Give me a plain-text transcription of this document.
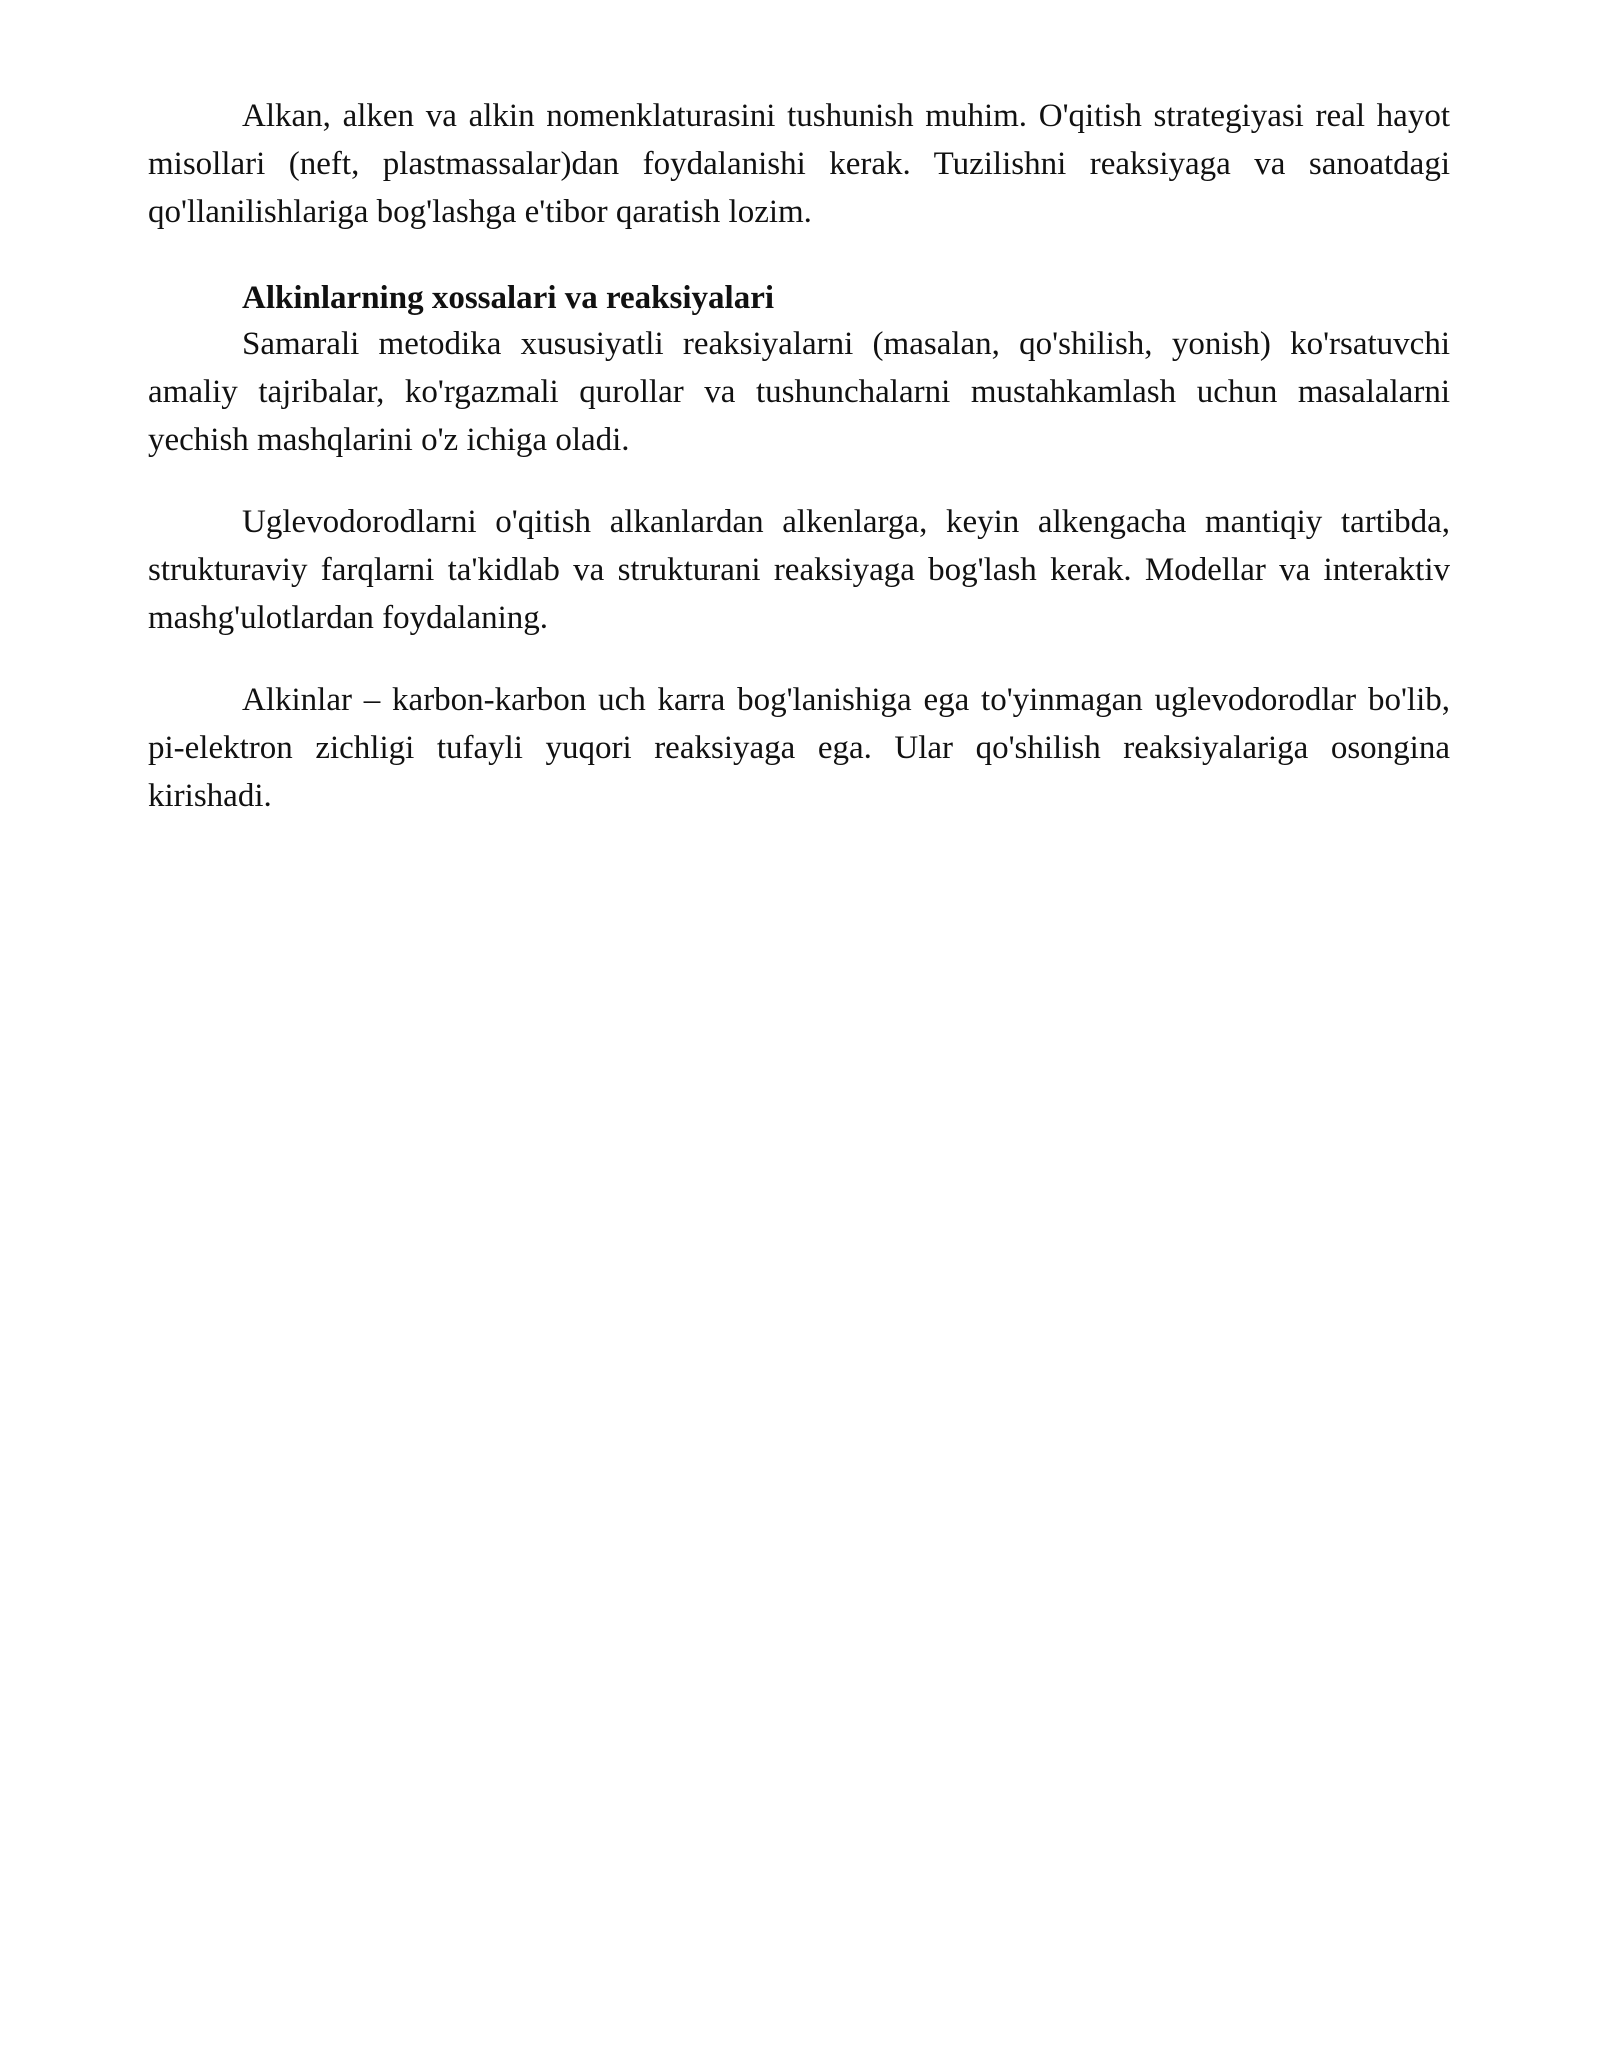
Alkan, alken va alkin nomenklaturasini tushunish muhim. O'qitish strategiyasi real hayot misollari (neft, plastmassalar)dan foydalanishi kerak. Tuzilishni reaksiyaga va sanoatdagi qo'llanilishlariga bog'lashga e'tibor qaratish lozim.

Alkinlarning xossalari va reaksiyalari

Samarali metodika xususiyatli reaksiyalarni (masalan, qo'shilish, yonish) ko'rsatuvchi amaliy tajribalar, ko'rgazmali qurollar va tushunchalarni mustahkamlash uchun masalalarni yechish mashqlarini o'z ichiga oladi.

Uglevodorodlarni o'qitish alkanlardan alkenlarga, keyin alkengacha mantiqiy tartibda, strukturaviy farqlarni ta'kidlab va strukturani reaksiyaga bog'lash kerak. Modellar va interaktiv mashg'ulotlardan foydalaning.

Alkinlar – karbon-karbon uch karra bog'lanishiga ega to'yinmagan uglevodorodlar bo'lib, pi-elektron zichligi tufayli yuqori reaksiyaga ega. Ular qo'shilish reaksiyalariga osongina kirishadi.
